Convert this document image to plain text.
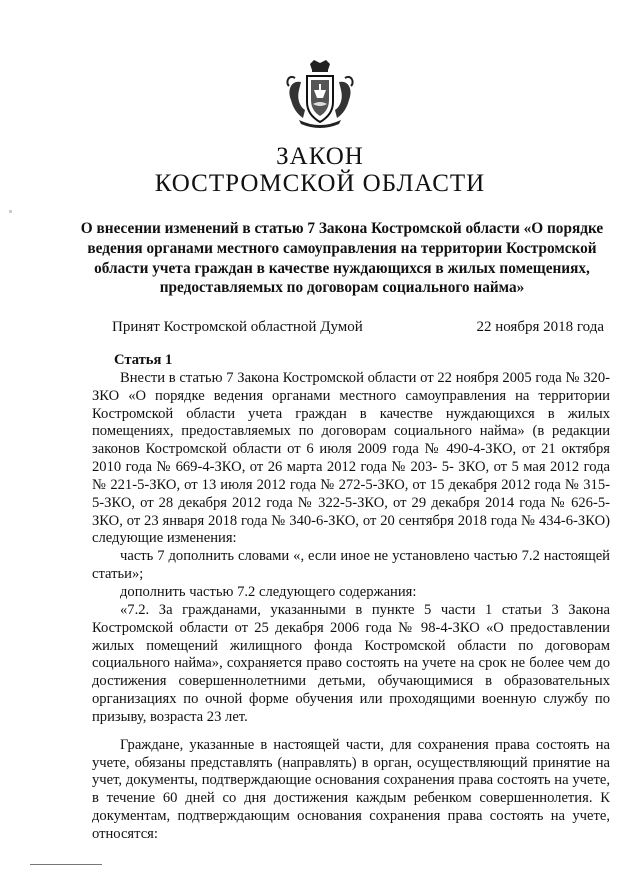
ЗАКОН
КОСТРОМСКОЙ ОБЛАСТИ
О внесении изменений в статью 7 Закона Костромской области «О порядке ведения органами местного самоуправления на территории Костромской области учета граждан в качестве нуждающихся в жилых помещениях, предоставляемых по договорам социального найма»
Принят Костромской областной Думой	22 ноября 2018 года

Статья 1

Внести в статью 7 Закона Костромской области от 22 ноября 2005 года № 320-ЗКО «О порядке ведения органами местного самоуправления на территории Костромской области учета граждан в качестве нуждающихся в жилых помещениях, предоставляемых по договорам социального найма» (в редакции законов Костромской области от 6 июля 2009 года № 490-4-ЗКО, от 21 октября 2010 года № 669-4-ЗКО, от 26 марта 2012 года № 203- 5- ЗКО, от 5 мая 2012 года № 221-5-ЗКО, от 13 июля 2012 года № 272-5-ЗКО, от 15 декабря 2012 года № 315-5-ЗКО, от 28 декабря 2012 года № 322-5-ЗКО, от 29 декабря 2014 года № 626-5-ЗКО, от 23 января 2018 года № 340-6-ЗКО, от 20 сентября 2018 года № 434-6-ЗКО) следующие изменения:

часть 7 дополнить словами «, если иное не установлено частью 7.2 настоящей статьи»;

дополнить частью 7.2 следующего содержания:

«7.2. За гражданами, указанными в пункте 5 части 1 статьи 3 Закона Костромской области от 25 декабря 2006 года № 98-4-ЗКО «О предоставлении жилых помещений жилищного фонда Костромской области по договорам социального найма», сохраняется право состоять на учете на срок не более чем до достижения совершеннолетними детьми, обучающимися в образовательных организациях по очной форме обучения или проходящими военную службу по призыву, возраста 23 лет.

Граждане, указанные в настоящей части, для сохранения права состоять на учете, обязаны представлять (направлять) в орган, осуществляющий принятие на учет, документы, подтверждающие основания сохранения права состоять на учете, в течение 60 дней со дня достижения каждым ребенком совершеннолетия. К документам, подтверждающим основания сохранения права состоять на учете, относятся:
